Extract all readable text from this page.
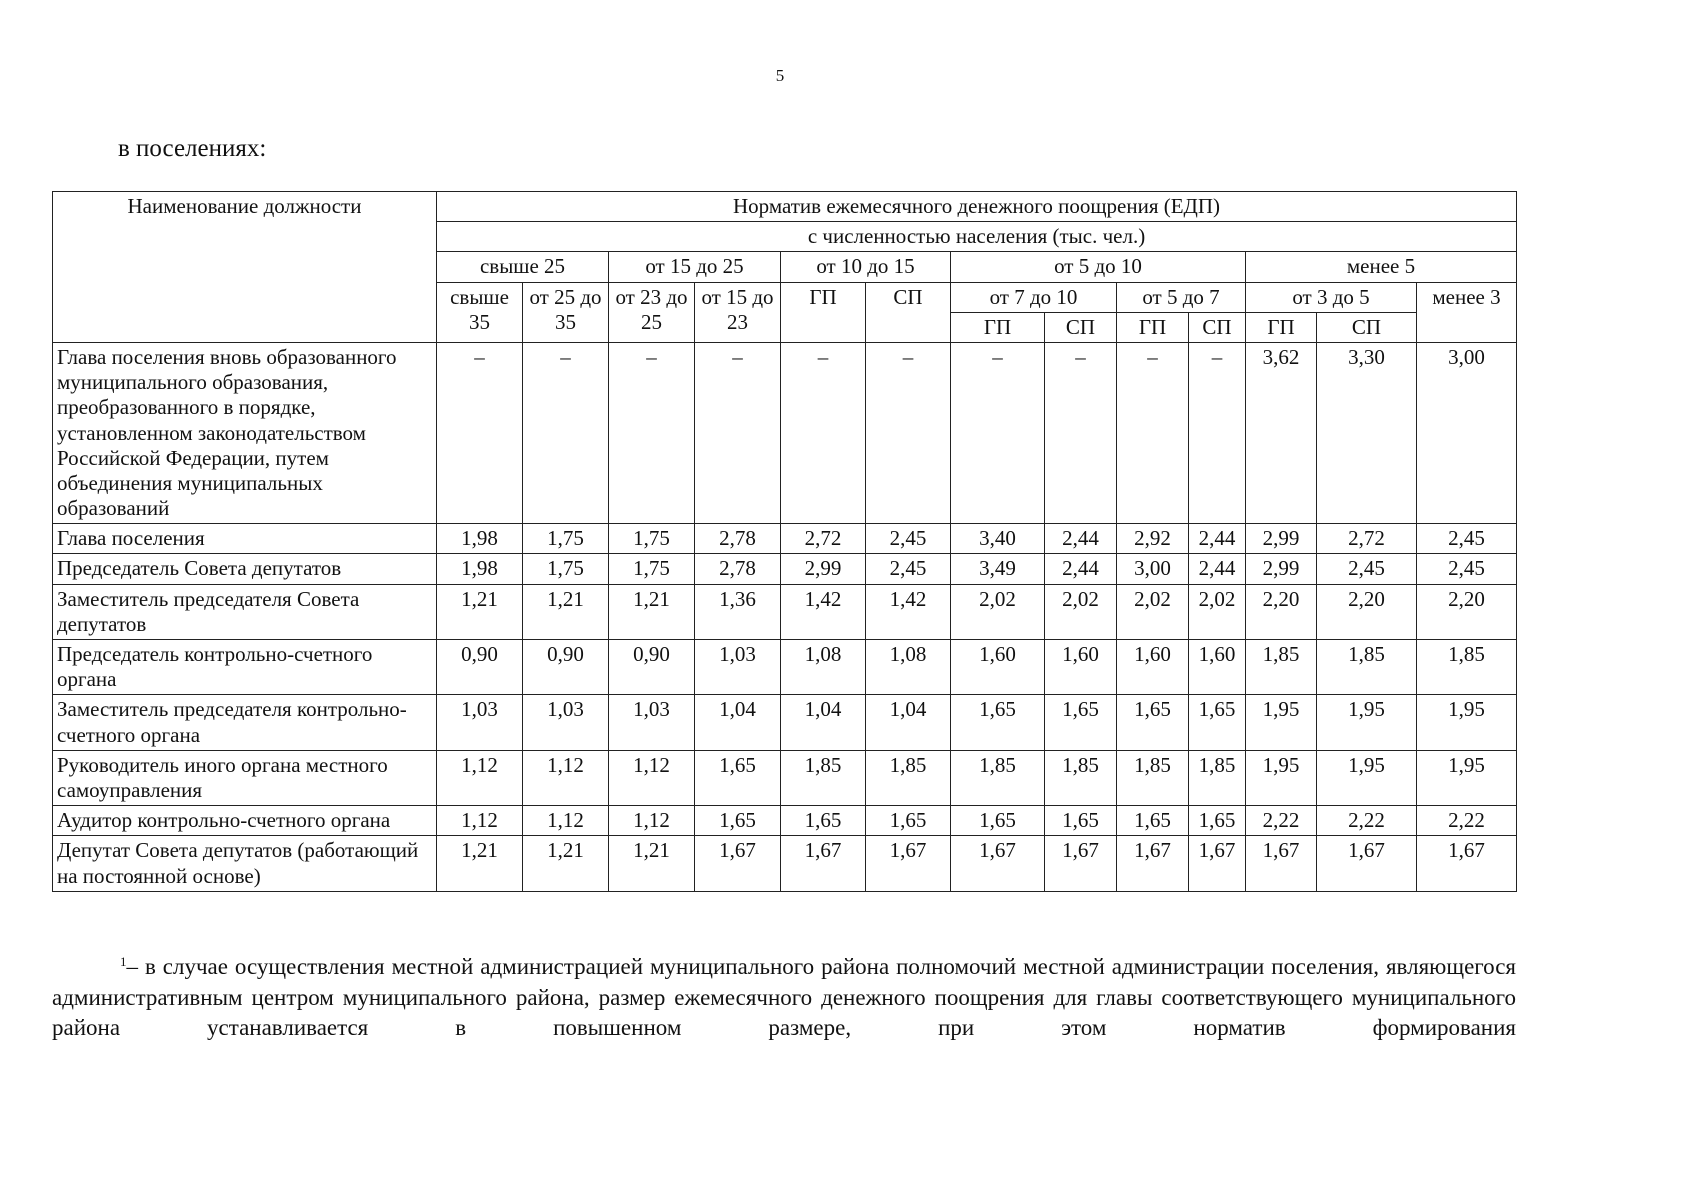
5
в поселениях:
Наименование должности	Норматив ежемесячного денежного поощрения (ЕДП)												
	с численностью населения (тыс. чел.)												
	свыше 25		от 15 до 25		от 10 до 15		от 5 до 10				менее 5		
	свыше 35	от 25 до 35	от 23 до 25	от 15 до 23	ГП	СП	от 7 до 10		от 5 до 7		от 3 до 5		менее 3
							ГП	СП	ГП	СП	ГП	СП	
Глава поселения вновь образованного муниципального образования, преобразованного в порядке, установленном законодательством Российской Федерации, путем объединения муниципальных образований	–	–	–	–	–	–	–	–	–	–	3,62	3,30	3,00
Глава поселения	1,98	1,75	1,75	2,78	2,72	2,45	3,40	2,44	2,92	2,44	2,99	2,72	2,45
Председатель Совета депутатов	1,98	1,75	1,75	2,78	2,99	2,45	3,49	2,44	3,00	2,44	2,99	2,45	2,45
Заместитель председателя Совета депутатов	1,21	1,21	1,21	1,36	1,42	1,42	2,02	2,02	2,02	2,02	2,20	2,20	2,20
Председатель контрольно-счетного органа	0,90	0,90	0,90	1,03	1,08	1,08	1,60	1,60	1,60	1,60	1,85	1,85	1,85
Заместитель председателя контрольно-счетного органа	1,03	1,03	1,03	1,04	1,04	1,04	1,65	1,65	1,65	1,65	1,95	1,95	1,95
Руководитель иного органа местного самоуправления	1,12	1,12	1,12	1,65	1,85	1,85	1,85	1,85	1,85	1,85	1,95	1,95	1,95
Аудитор контрольно-счетного органа	1,12	1,12	1,12	1,65	1,65	1,65	1,65	1,65	1,65	1,65	2,22	2,22	2,22
Депутат Совета депутатов (работающий на постоянной основе)	1,21	1,21	1,21	1,67	1,67	1,67	1,67	1,67	1,67	1,67	1,67	1,67	1,67
$^1$– в случае осуществления местной администрацией муниципального района полномочий местной администрации поселения, являющегося административным центром муниципального района, размер ежемесячного денежного поощрения для главы соответствующего муниципального района устанавливается в повышенном размере, при этом норматив формирования
